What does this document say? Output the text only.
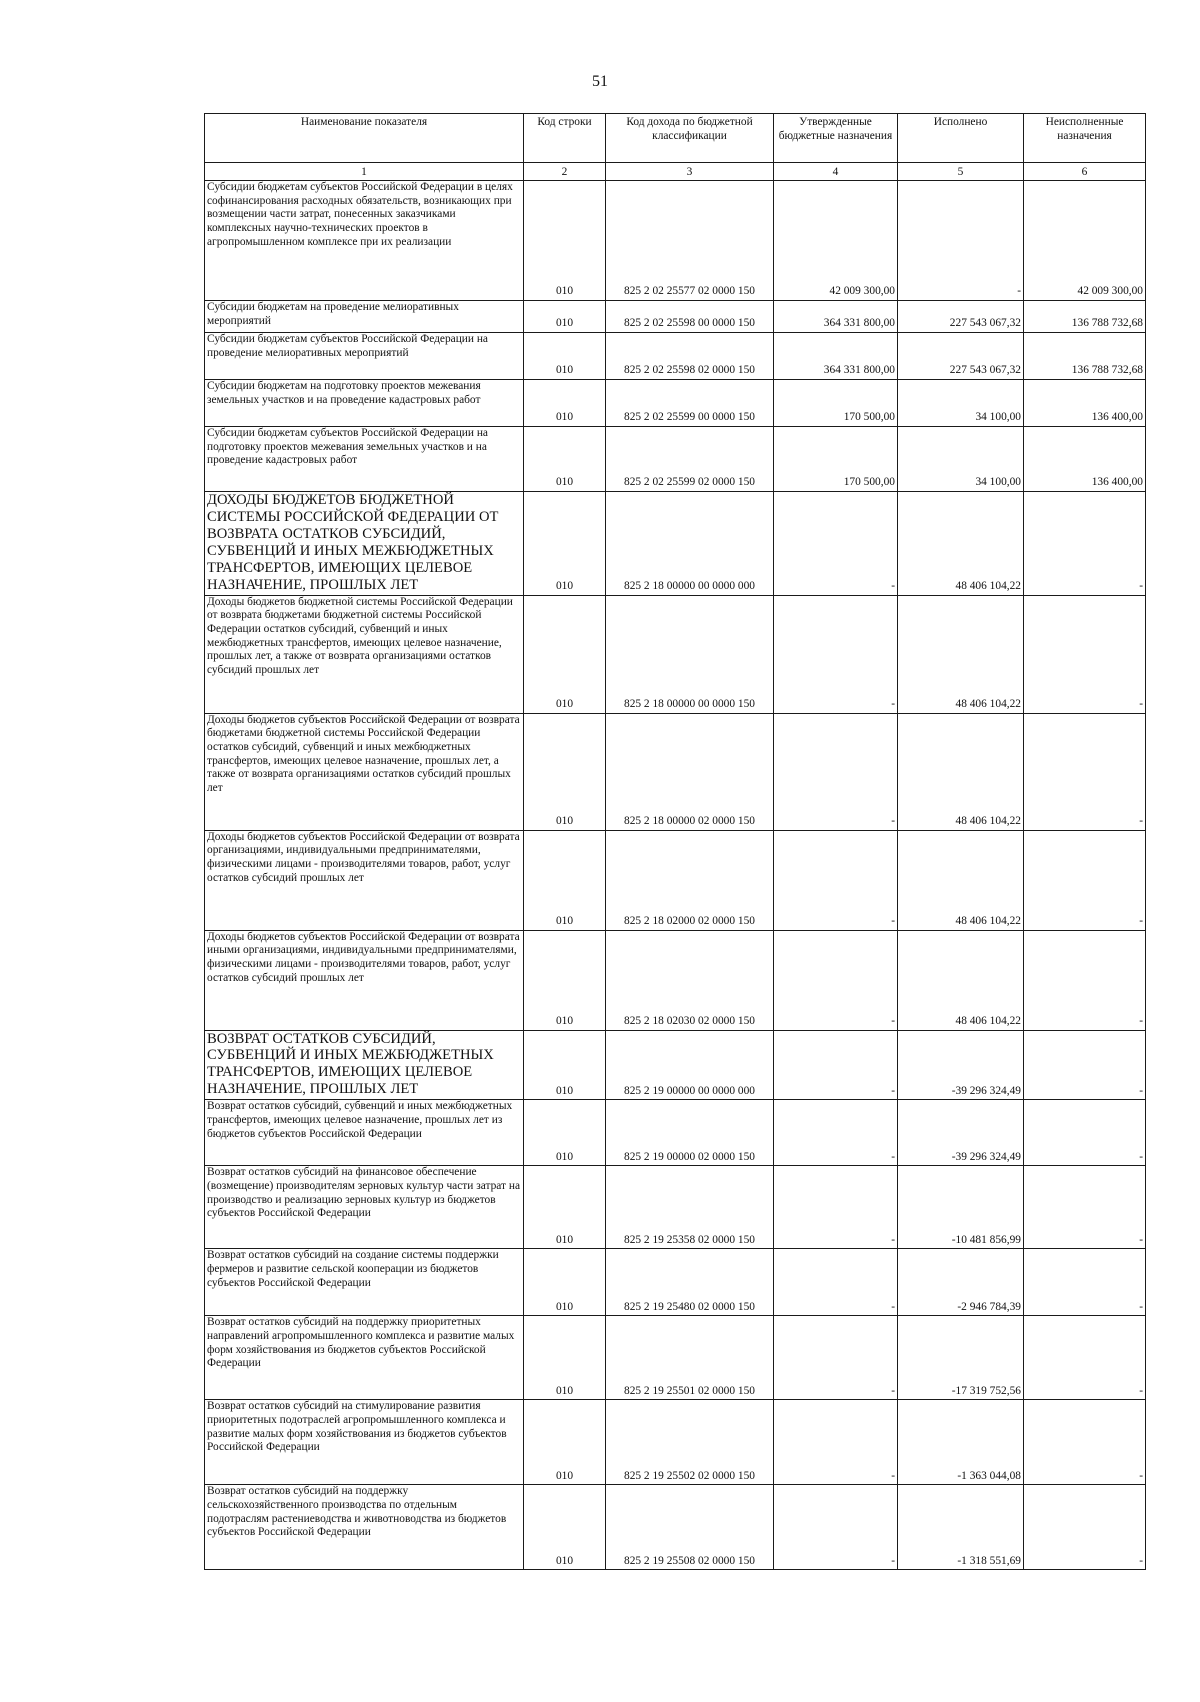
51
Наименование показателя	Код строки	Код дохода по бюджетной классификации	Утвержденные бюджетные назначения	Исполнено	Неисполненные назначения
1	2	3	4	5	6
Субсидии бюджетам субъектов Российской Федерации в целях софинансирования расходных обязательств, возникающих при возмещении части затрат, понесенных заказчиками комплексных научно-технических проектов в агропромышленном комплексе при их реализации	010	825 2 02 25577 02 0000 150	42 009 300,00	-	42 009 300,00
Субсидии бюджетам на проведение мелиоративных мероприятий	010	825 2 02 25598 00 0000 150	364 331 800,00	227 543 067,32	136 788 732,68
Субсидии бюджетам субъектов Российской Федерации на проведение мелиоративных мероприятий	010	825 2 02 25598 02 0000 150	364 331 800,00	227 543 067,32	136 788 732,68
Субсидии бюджетам на подготовку проектов межевания земельных участков и на проведение кадастровых работ	010	825 2 02 25599 00 0000 150	170 500,00	34 100,00	136 400,00
Субсидии бюджетам субъектов Российской Федерации на подготовку проектов межевания земельных участков и на проведение кадастровых работ	010	825 2 02 25599 02 0000 150	170 500,00	34 100,00	136 400,00
ДОХОДЫ БЮДЖЕТОВ БЮДЖЕТНОЙ СИСТЕМЫ РОССИЙСКОЙ ФЕДЕРАЦИИ ОТ ВОЗВРАТА ОСТАТКОВ СУБСИДИЙ, СУБВЕНЦИЙ И ИНЫХ МЕЖБЮДЖЕТНЫХ ТРАНСФЕРТОВ, ИМЕЮЩИХ ЦЕЛЕВОЕ НАЗНАЧЕНИЕ, ПРОШЛЫХ ЛЕТ	010	825 2 18 00000 00 0000 000	-	48 406 104,22	-
Доходы бюджетов бюджетной системы Российской Федерации от возврата бюджетами бюджетной системы Российской Федерации остатков субсидий, субвенций и иных межбюджетных трансфертов, имеющих целевое назначение, прошлых лет, а также от возврата организациями остатков субсидий прошлых лет	010	825 2 18 00000 00 0000 150	-	48 406 104,22	-
Доходы бюджетов субъектов Российской Федерации от возврата бюджетами бюджетной системы Российской Федерации остатков субсидий, субвенций и иных межбюджетных трансфертов, имеющих целевое назначение, прошлых лет, а также от возврата организациями остатков субсидий прошлых лет	010	825 2 18 00000 02 0000 150	-	48 406 104,22	-
Доходы бюджетов субъектов Российской Федерации от возврата организациями, индивидуальными предпринимателями, физическими лицами - производителями товаров, работ, услуг остатков субсидий прошлых лет	010	825 2 18 02000 02 0000 150	-	48 406 104,22	-
Доходы бюджетов субъектов Российской Федерации от возврата иными организациями, индивидуальными предпринимателями, физическими лицами - производителями товаров, работ, услуг остатков субсидий прошлых лет	010	825 2 18 02030 02 0000 150	-	48 406 104,22	-
ВОЗВРАТ ОСТАТКОВ СУБСИДИЙ, СУБВЕНЦИЙ И ИНЫХ МЕЖБЮДЖЕТНЫХ ТРАНСФЕРТОВ, ИМЕЮЩИХ ЦЕЛЕВОЕ НАЗНАЧЕНИЕ, ПРОШЛЫХ ЛЕТ	010	825 2 19 00000 00 0000 000	-	-39 296 324,49	-
Возврат остатков субсидий, субвенций и иных межбюджетных трансфертов, имеющих целевое назначение, прошлых лет из бюджетов субъектов Российской Федерации	010	825 2 19 00000 02 0000 150	-	-39 296 324,49	-
Возврат остатков субсидий на финансовое обеспечение (возмещение) производителям зерновых культур части затрат на производство и реализацию зерновых культур из бюджетов субъектов Российской Федерации	010	825 2 19 25358 02 0000 150	-	-10 481 856,99	-
Возврат остатков субсидий на создание системы поддержки фермеров и развитие сельской кооперации из бюджетов субъектов Российской Федерации	010	825 2 19 25480 02 0000 150	-	-2 946 784,39	-
Возврат остатков субсидий на поддержку приоритетных направлений агропромышленного комплекса и развитие малых форм хозяйствования из бюджетов субъектов Российской Федерации	010	825 2 19 25501 02 0000 150	-	-17 319 752,56	-
Возврат остатков субсидий на стимулирование развития приоритетных подотраслей агропромышленного комплекса и развитие малых форм хозяйствования из бюджетов субъектов Российской Федерации	010	825 2 19 25502 02 0000 150	-	-1 363 044,08	-
Возврат остатков субсидий на поддержку сельскохозяйственного производства по отдельным подотраслям растениеводства и животноводства из бюджетов субъектов Российской Федерации	010	825 2 19 25508 02 0000 150	-	-1 318 551,69	-
